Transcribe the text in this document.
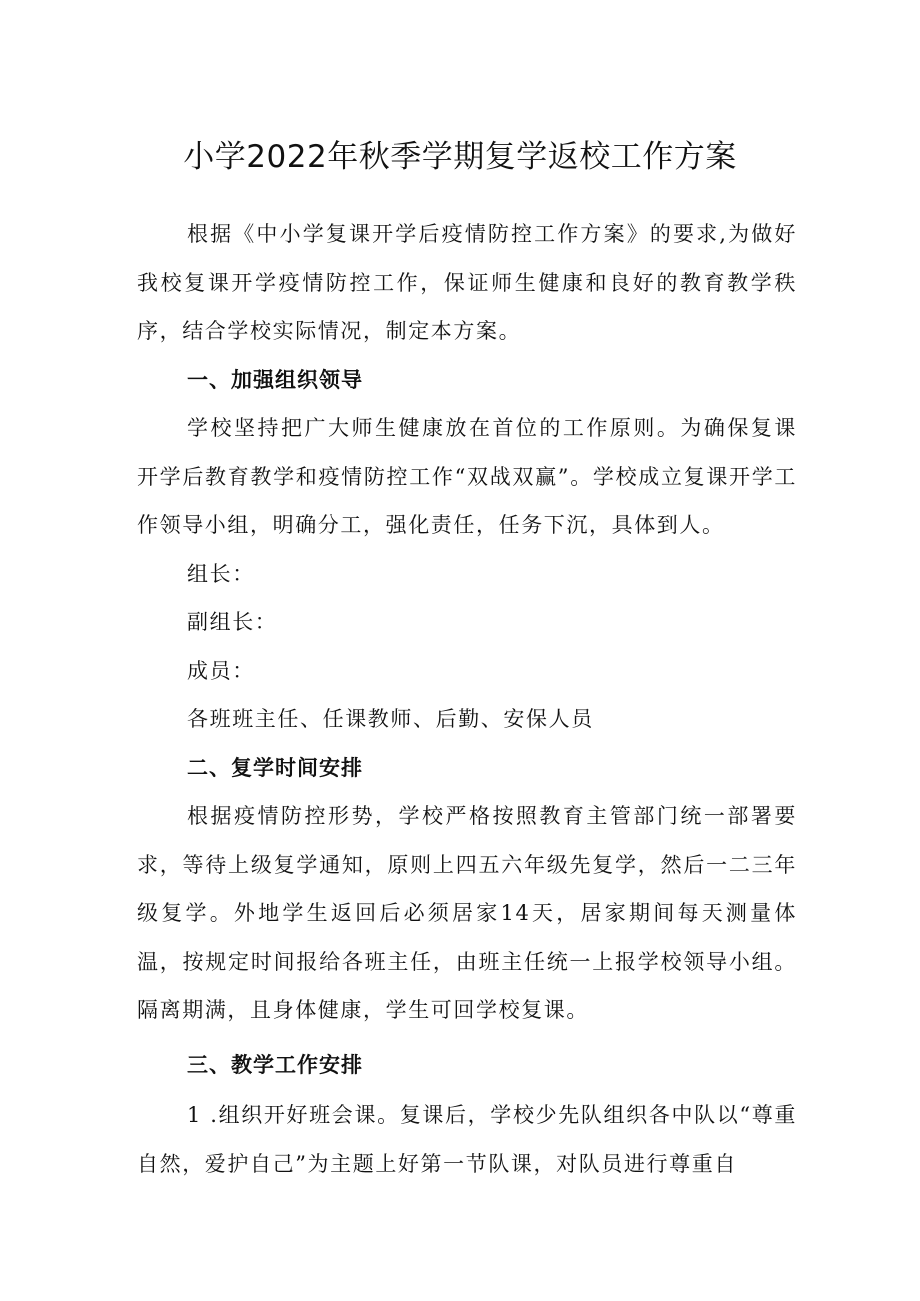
小学2022年秋季学期复学返校工作方案

根据《中小学复课开学后疫情防控工作方案》的要求,为做好我校复课开学疫情防控工作，保证师生健康和良好的教育教学秩序，结合学校实际情况，制定本方案。

一、加强组织领导

学校坚持把广大师生健康放在首位的工作原则。为确保复课开学后教育教学和疫情防控工作“双战双赢”。学校成立复课开学工作领导小组，明确分工，强化责任，任务下沉，具体到人。

组长：

副组长：

成员：

各班班主任、任课教师、后勤、安保人员

二、复学时间安排

根据疫情防控形势，学校严格按照教育主管部门统一部署要求，等待上级复学通知，原则上四五六年级先复学，然后一二三年级复学。外地学生返回后必须居家14天，居家期间每天测量体温，按规定时间报给各班主任，由班主任统一上报学校领导小组。隔离期满，且身体健康，学生可回学校复课。

三、教学工作安排

1 .组织开好班会课。复课后，学校少先队组织各中队以“尊重自然，爱护自己”为主题上好第一节队课，对队员进行尊重自
